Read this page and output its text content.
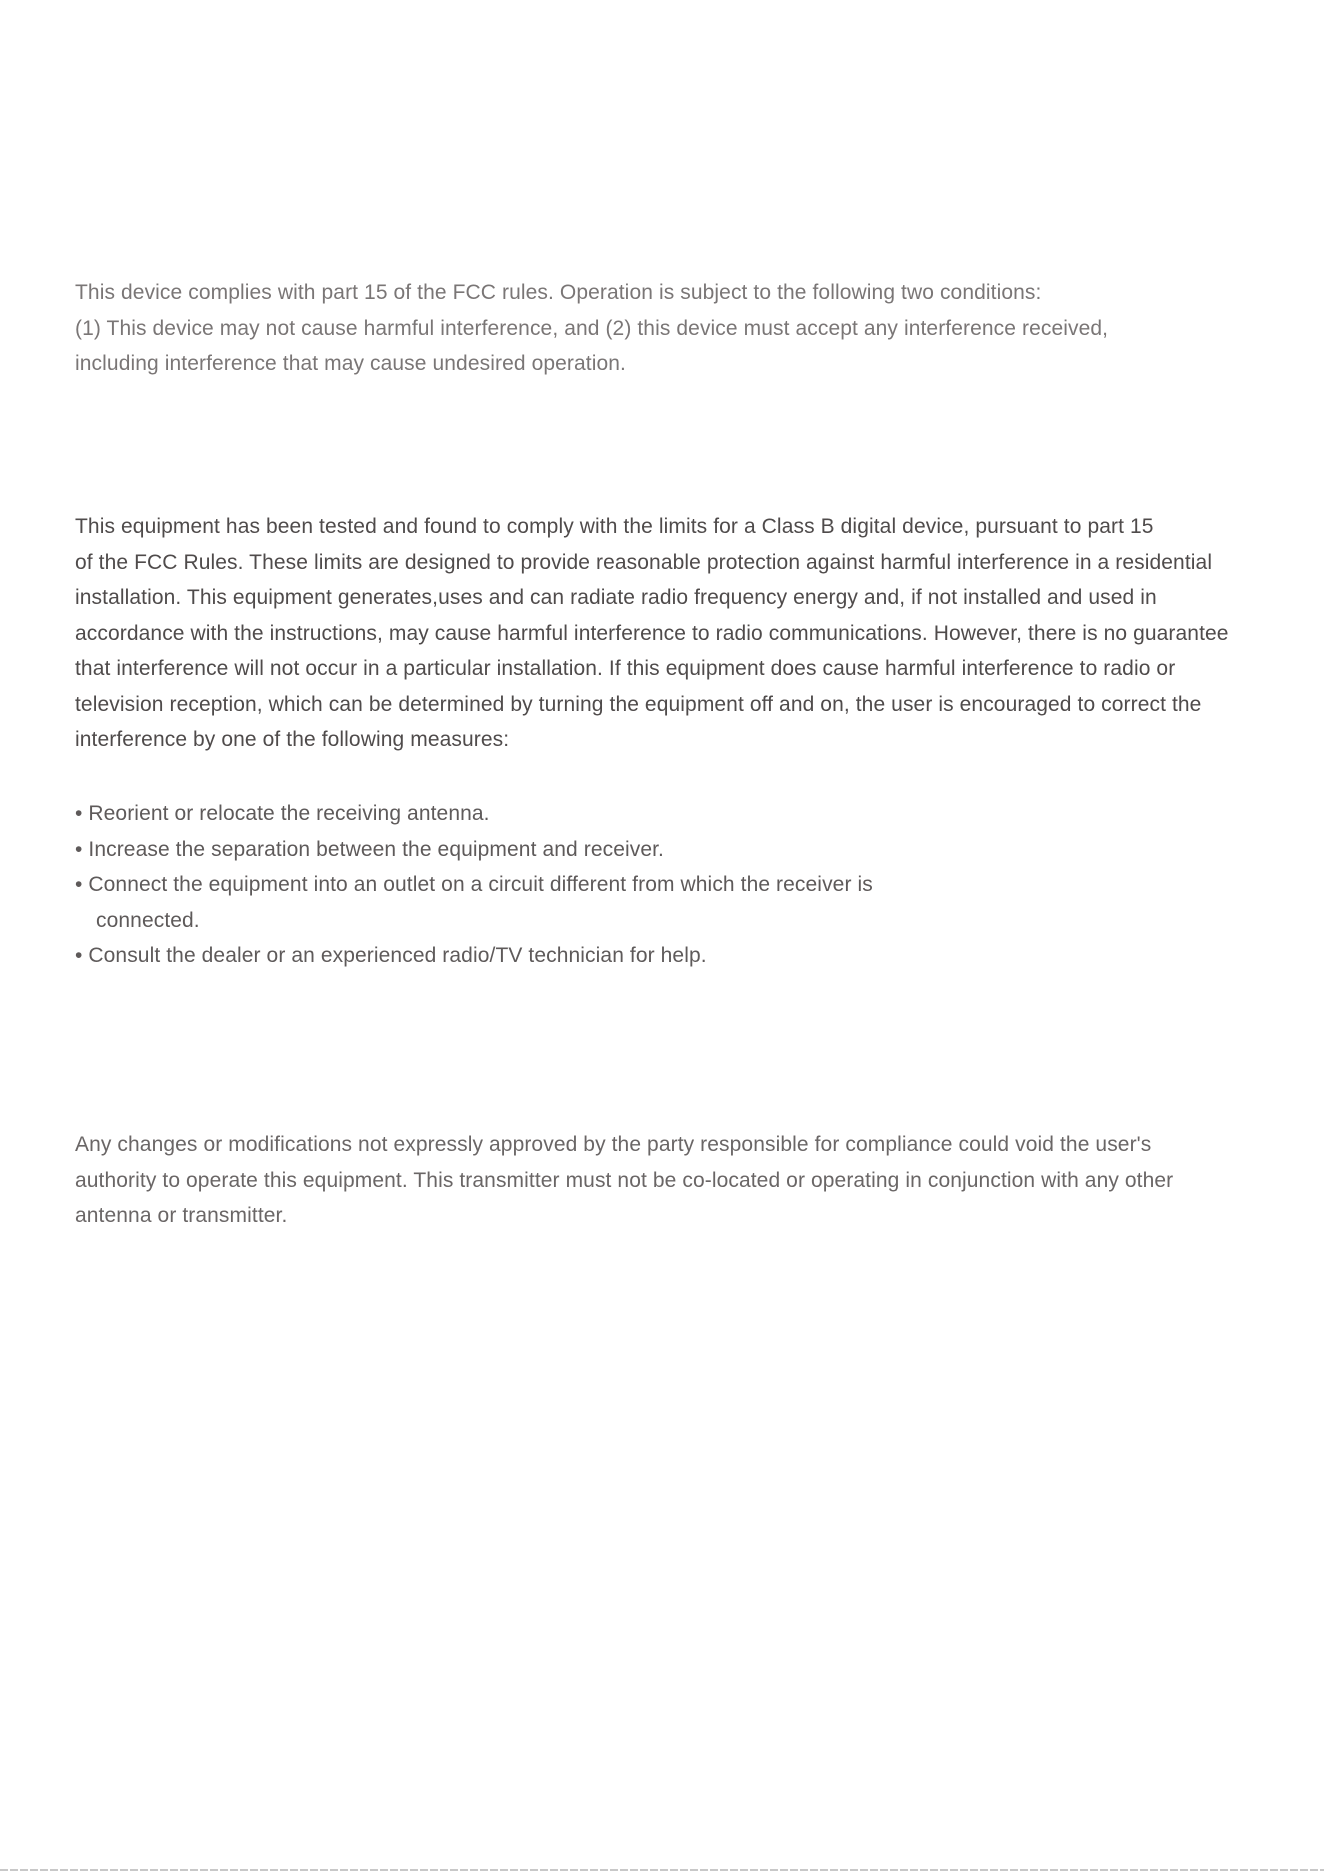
This device complies with part 15 of the FCC rules. Operation is subject to the following two conditions:
(1) This device may not cause harmful interference, and (2) this device must accept any interference received,
including interference that may cause undesired operation.
This equipment has been tested and found to comply with the limits for a Class B digital device, pursuant to part 15
of the FCC Rules. These limits are designed to provide reasonable protection against harmful interference in a residential
installation. This equipment generates,uses and can radiate radio frequency energy and, if not installed and used in
accordance with the instructions, may cause harmful interference to radio communications. However, there is no guarantee
that interference will not occur in a particular installation. If this equipment does cause harmful interference to radio or
television reception, which can be determined by turning the equipment off and on, the user is encouraged to correct the
interference by one of the following measures:
• Reorient or relocate the receiving antenna.
• Increase the separation between the equipment and receiver.
• Connect the equipment into an outlet on a circuit different from which the receiver is
connected.
• Consult the dealer or an experienced radio/TV technician for help.
Any changes or modifications not expressly approved by the party responsible for compliance could void the user's
authority to operate this equipment. This transmitter must not be co-located or operating in conjunction with any other
antenna or transmitter.
